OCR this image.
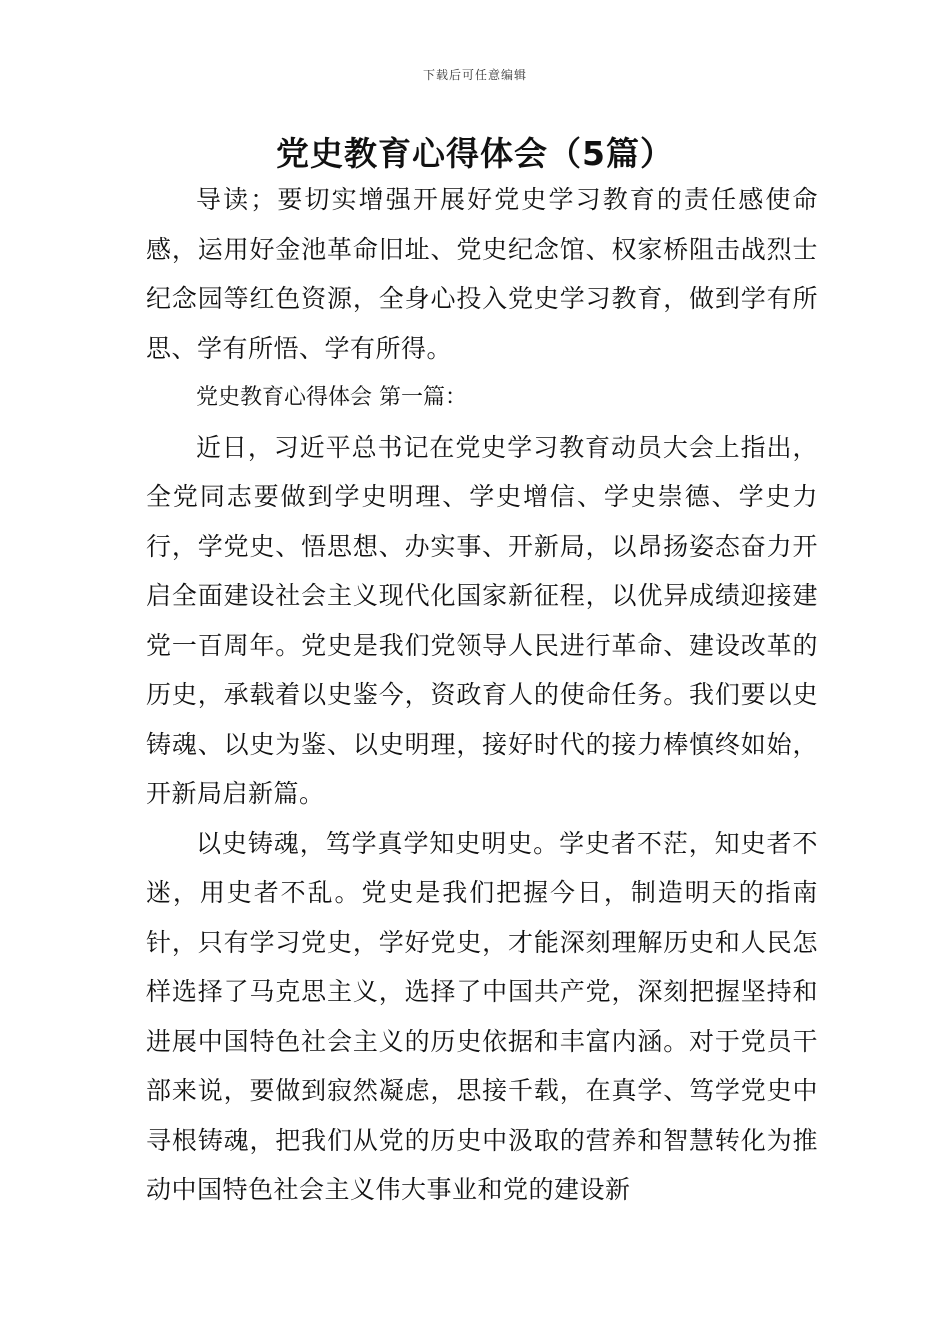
下载后可任意编辑
党史教育心得体会（5篇）

导读；要切实增强开展好党史学习教育的责任感使命感，运用好金池革命旧址、党史纪念馆、权家桥阻击战烈士纪念园等红色资源，全身心投入党史学习教育，做到学有所思、学有所悟、学有所得。

党史教育心得体会 第一篇：

近日，习近平总书记在党史学习教育动员大会上指出，全党同志要做到学史明理、学史增信、学史崇德、学史力行，学党史、悟思想、办实事、开新局，以昂扬姿态奋力开启全面建设社会主义现代化国家新征程，以优异成绩迎接建党一百周年。党史是我们党领导人民进行革命、建设改革的历史，承载着以史鉴今，资政育人的使命任务。我们要以史铸魂、以史为鉴、以史明理，接好时代的接力棒慎终如始，开新局启新篇。

以史铸魂，笃学真学知史明史。学史者不茫，知史者不迷，用史者不乱。党史是我们把握今日，制造明天的指南针，只有学习党史，学好党史，才能深刻理解历史和人民怎样选择了马克思主义，选择了中国共产党，深刻把握坚持和进展中国特色社会主义的历史依据和丰富内涵。对于党员干部来说，要做到寂然凝虑，思接千载，在真学、笃学党史中寻根铸魂，把我们从党的历史中汲取的营养和智慧转化为推动中国特色社会主义伟大事业和党的建设新
